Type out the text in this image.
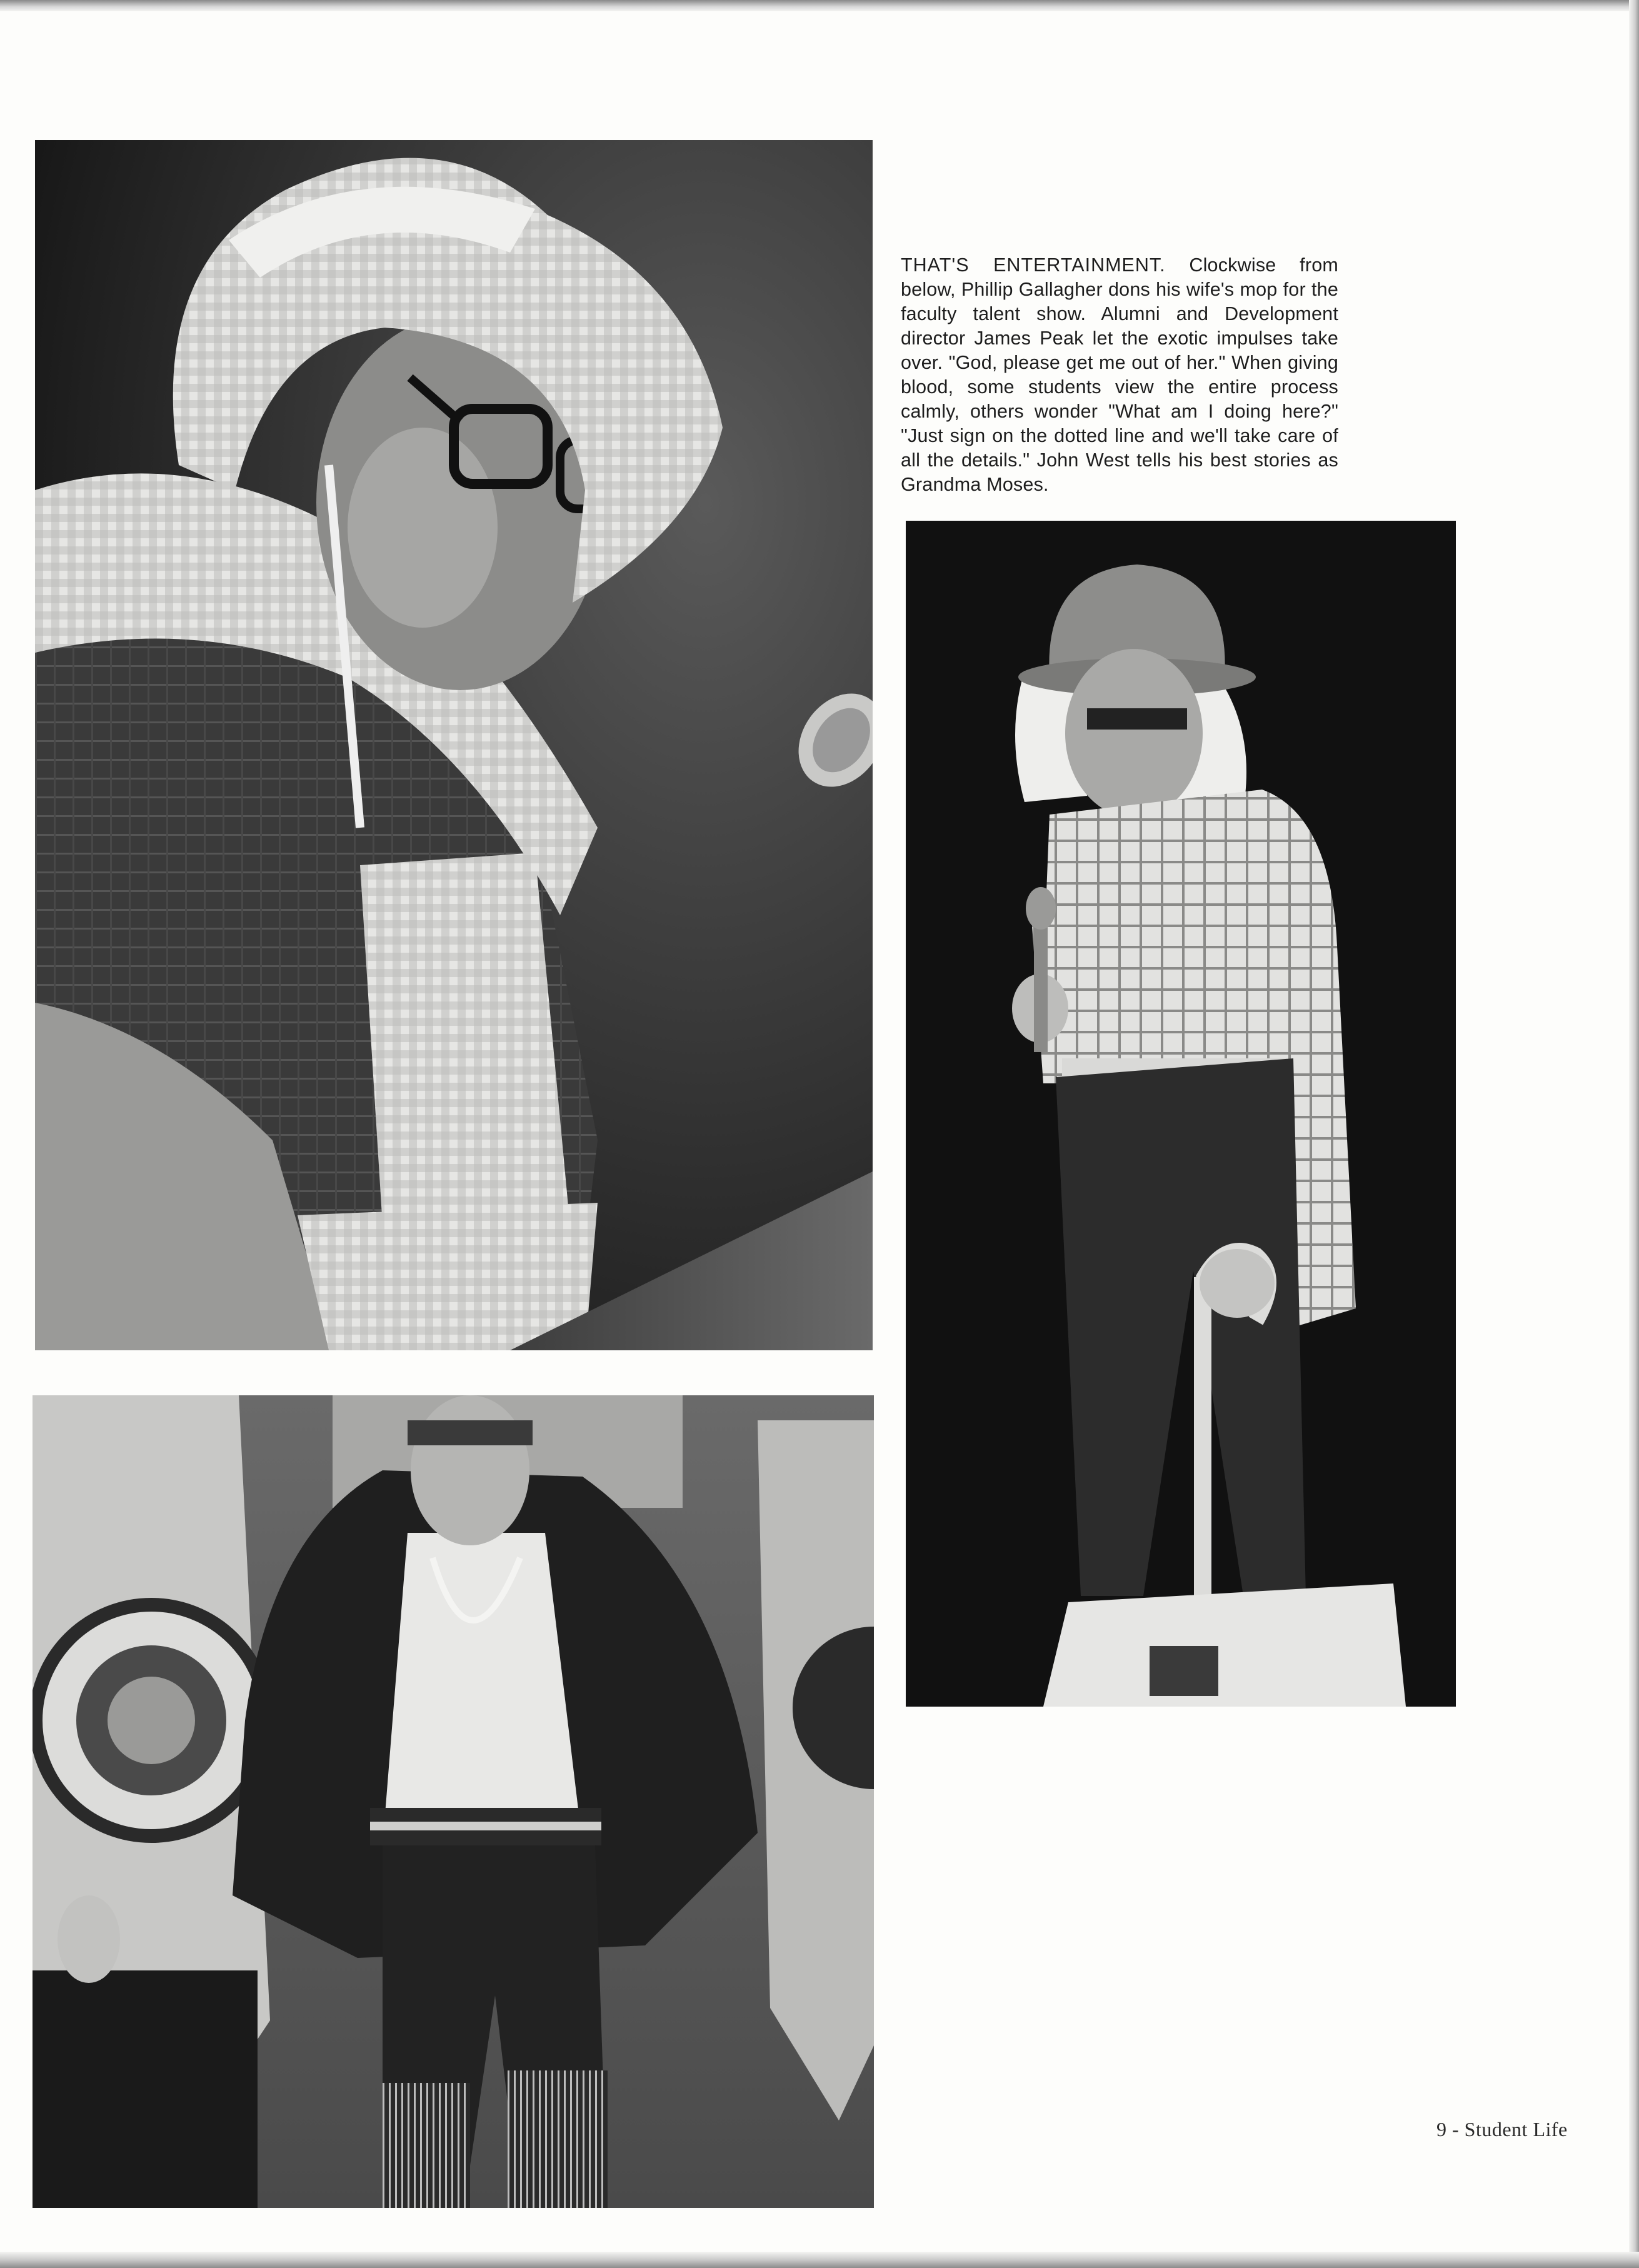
THAT'S ENTERTAINMENT. Clockwise from below, Phillip Gallagher dons his wife's mop for the faculty talent show. Alumni and Development director James Peak let the exotic impulses take over. "God, please get me out of her." When giving blood, some students view the entire process calmly, others wonder "What am I doing here?" "Just sign on the dotted line and we'll take care of all the details." John West tells his best stories as Grandma Moses.
9 - Student Life
